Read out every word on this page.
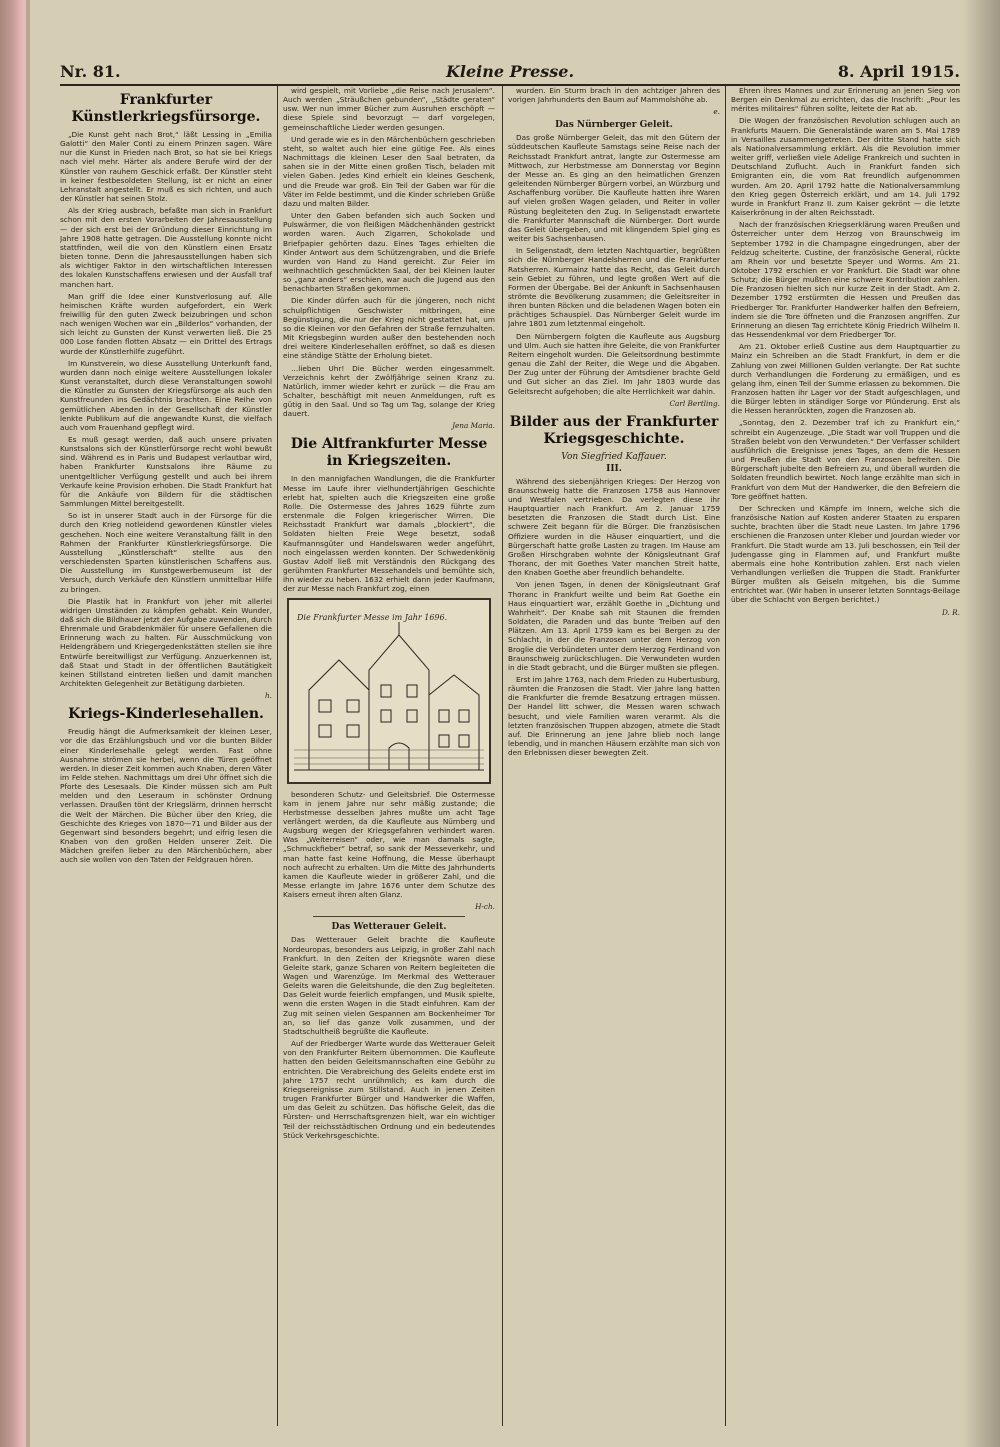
Nr. 81.	Kleine Presse.	8. April 1915.
Frankfurter Künstlerkriegsfürsorge.

„Die Kunst geht nach Brot,“ läßt Lessing in „Emilia Galotti“ den Maler Conti zu einem Prinzen sagen. Wäre nur die Kunst in Frieden nach Brot, so hat sie bei Kriegs nach viel mehr. Härter als andere Berufe wird der der Künstler von rauhem Geschick erfaßt. Der Künstler steht in keiner festbesoldeten Stellung, ist er nicht an einer Lehranstalt angestellt. Er muß es sich richten, und auch der Künstler hat seinen Stolz.

Als der Krieg ausbrach, befaßte man sich in Frankfurt schon mit den ersten Vorarbeiten der Jahresausstellung — der sich erst bei der Gründung dieser Einrichtung im Jahre 1908 hatte getragen. Die Ausstellung konnte nicht stattfinden, weil die von den Künstlern einen Ersatz bieten tonne. Denn die Jahresausstellungen haben sich als wichtiger Faktor in den wirtschaftlichen Interessen des lokalen Kunstschaffens erwiesen und der Ausfall traf manchen hart.

Man griff die Idee einer Kunstverlosung auf. Alle heimischen Kräfte wurden aufgefordert, ein Werk freiwillig für den guten Zweck beizubringen und schon nach wenigen Wochen war ein „Bilderlos“ vorhanden, der sich leicht zu Gunsten der Kunst verwerten ließ. Die 25 000 Lose fanden flotten Absatz — ein Drittel des Ertrags wurde der Künstlerhilfe zugeführt.

Im Kunstverein, wo diese Ausstellung Unterkunft fand, wurden dann noch einige weitere Ausstellungen lokaler Kunst veranstaltet, durch diese Veranstaltungen sowohl die Künstler zu Gunsten der Kriegsfürsorge als auch den Kunstfreunden ins Gedächtnis brachten. Eine Reihe von gemütlichen Abenden in der Gesellschaft der Künstler lenkte Publikum auf die angewandte Kunst, die vielfach auch vom Frauenhand gepflegt wird.

Es muß gesagt werden, daß auch unsere privaten Kunstsalons sich der Künstlerfürsorge recht wohl bewußt sind. Während es in Paris und Budapest verlautbar wird, haben Frankfurter Kunstsalons ihre Räume zu unentgeltlicher Verfügung gestellt und auch bei ihrem Verkaufe keine Provision erhoben. Die Stadt Frankfurt hat für die Ankäufe von Bildern für die städtischen Sammlungen Mittel bereitgestellt.

So ist in unserer Stadt auch in der Fürsorge für die durch den Krieg notleidend gewordenen Künstler vieles geschehen. Noch eine weitere Veranstaltung fällt in den Rahmen der Frankfurter Künstlerkriegsfürsorge. Die Ausstellung „Künstlerschaft“ stellte aus den verschiedensten Sparten künstlerischen Schaffens aus. Die Ausstellung im Kunstgewerbemuseum ist der Versuch, durch Verkäufe den Künstlern unmittelbar Hilfe zu bringen.

Die Plastik hat in Frankfurt von jeher mit allerlei widrigen Umständen zu kämpfen gehabt. Kein Wunder, daß sich die Bildhauer jetzt der Aufgabe zuwenden, durch Ehrenmale und Grabdenkmäler für unsere Gefallenen die Erinnerung wach zu halten. Für Ausschmückung von Heldengräbern und Kriegergedenkstätten stellen sie ihre Entwürfe bereitwilligst zur Verfügung. Anzuerkennen ist, daß Staat und Stadt in der öffentlichen Bautätigkeit keinen Stillstand eintreten ließen und damit manchen Architekten Gelegenheit zur Betätigung darbieten.

h.
Kriegs-Kinderlesehallen.

Freudig hängt die Aufmerksamkeit der kleinen Leser, vor die das Erzählungsbuch und vor die bunten Bilder einer Kinderlesehalle gelegt werden. Fast ohne Ausnahme strömen sie herbei, wenn die Türen geöffnet werden. In dieser Zeit kommen auch Knaben, deren Väter im Felde stehen. Nachmittags um drei Uhr öffnet sich die Pforte des Lesesaals. Die Kinder müssen sich am Pult melden und den Leseraum in schönster Ordnung verlassen. Draußen tönt der Kriegslärm, drinnen herrscht die Welt der Märchen. Die Bücher über den Krieg, die Geschichte des Krieges von 1870—71 und Bilder aus der Gegenwart sind besonders begehrt; und eifrig lesen die Knaben von den großen Helden unserer Zeit. Die Mädchen greifen lieber zu den Märchenbüchern, aber auch sie wollen von den Taten der Feldgrauen hören.

wird gespielt, mit Vorliebe „die Reise nach Jerusalem“. Auch werden „Sträußchen gebunden“, „Städte geraten“ usw. Wer nun immer Bücher zum Ausruhen erschöpft — diese Spiele sind bevorzugt — darf vorgelegen, gemeinschaftliche Lieder werden gesungen.

Und gerade wie es in den Märchenbüchern geschrieben steht, so waltet auch hier eine gütige Fee. Als eines Nachmittags die kleinen Leser den Saal betraten, da sahen sie in der Mitte einen großen Tisch, beladen mit vielen Gaben. Jedes Kind erhielt ein kleines Geschenk, und die Freude war groß. Ein Teil der Gaben war für die Väter im Felde bestimmt, und die Kinder schrieben Grüße dazu und malten Bilder.

Unter den Gaben befanden sich auch Socken und Pulswärmer, die von fleißigen Mädchenhänden gestrickt worden waren. Auch Zigarren, Schokolade und Briefpapier gehörten dazu. Eines Tages erhielten die Kinder Antwort aus dem Schützengraben, und die Briefe wurden von Hand zu Hand gereicht. Zur Feier im weihnachtlich geschmückten Saal, der bei Kleinen lauter so „ganz anders“ erschien, war auch die Jugend aus den benachbarten Straßen gekommen.

Die Kinder dürfen auch für die jüngeren, noch nicht schulpflichtigen Geschwister mitbringen, eine Begünstigung, die nur der Krieg nicht gestattet hat, um so die Kleinen vor den Gefahren der Straße fernzuhalten. Mit Kriegsbeginn wurden außer den bestehenden noch drei weitere Kinderlesehallen eröffnet, so daß es diesen eine ständige Stätte der Erholung bietet.

…lieben Uhr! Die Bücher werden eingesammelt. Verzeichnis kehrt der Zwölfjährige seinen Kranz zu. Natürlich, immer wieder kehrt er zurück — die Frau am Schalter, beschäftigt mit neuen Anmeldungen, ruft es gütig in den Saal. Und so Tag um Tag, solange der Krieg dauert.

Jena Maria.
Die Altfrankfurter Messe in Kriegszeiten.

In den mannigfachen Wandlungen, die die Frankfurter Messe im Laufe ihrer vielhundertjährigen Geschichte erlebt hat, spielten auch die Kriegszeiten eine große Rolle. Die Ostermesse des Jahres 1629 führte zum erstenmale die Folgen kriegerischer Wirren. Die Reichsstadt Frankfurt war damals „blockiert“, die Soldaten hielten Freie Wege besetzt, sodaß Kaufmannsgüter und Handelswaren weder angeführt, noch eingelassen werden konnten. Der Schwedenkönig Gustav Adolf ließ mit Verständnis den Rückgang des gerühmten Frankfurter Messehandels und bemühte sich, ihn wieder zu heben. 1632 erhielt dann jeder Kaufmann, der zur Messe nach Frankfurt zog, einen

Die Frankfurter Messe im Jahr 1696.

besonderen Schutz- und Geleitsbrief. Die Ostermesse kam in jenem Jahre nur sehr mäßig zustande; die Herbstmesse desselben Jahres mußte um acht Tage verlängert werden, da die Kaufleute aus Nürnberg und Augsburg wegen der Kriegsgefahren verhindert waren. Was „Weiterreisen“ oder, wie man damals sagte, „Schmuckfieber“ betraf, so sank der Messeverkehr, und man hatte fast keine Hoffnung, die Messe überhaupt noch aufrecht zu erhalten. Um die Mitte des Jahrhunderts kamen die Kaufleute wieder in größerer Zahl, und die Messe erlangte im Jahre 1676 unter dem Schutze des Kaisers erneut ihren alten Glanz.

H-ch.
Das Wetterauer Geleit.

Das Wetterauer Geleit brachte die Kaufleute Nordeuropas, besonders aus Leipzig, in großer Zahl nach Frankfurt. In den Zeiten der Kriegsnöte waren diese Geleite stark, ganze Scharen von Reitern begleiteten die Wagen und Warenzüge. Im Merkmal des Wetterauer Geleits waren die Geleitshunde, die den Zug begleiteten. Das Geleit wurde feierlich empfangen, und Musik spielte, wenn die ersten Wagen in die Stadt einfuhren. Kam der Zug mit seinen vielen Gespannen am Bockenheimer Tor an, so lief das ganze Volk zusammen, und der Stadtschultheiß begrüßte die Kaufleute.

Auf der Friedberger Warte wurde das Wetterauer Geleit von den Frankfurter Reitern übernommen. Die Kaufleute hatten den beiden Geleitsmannschaften eine Gebühr zu entrichten. Die Verabreichung des Geleits endete erst im Jahre 1757 recht unrühmlich; es kam durch die Kriegsereignisse zum Stillstand. Auch in jenen Zeiten trugen Frankfurter Bürger und Handwerker die Waffen, um das Geleit zu schützen. Das höfische Geleit, das die Fürsten- und Herrschaftsgrenzen hielt, war ein wichtiger Teil der reichsstädtischen Ordnung und ein bedeutendes Stück Verkehrsgeschichte.

wurden. Ein Sturm brach in den achtziger Jahren des vorigen Jahrhunderts den Baum auf Mammolshöhe ab.

e.
Das Nürnberger Geleit.

Das große Nürnberger Geleit, das mit den Gütern der süddeutschen Kaufleute Samstags seine Reise nach der Reichsstadt Frankfurt antrat, langte zur Ostermesse am Mittwoch, zur Herbstmesse am Donnerstag vor Beginn der Messe an. Es ging an den heimatlichen Grenzen geleitenden Nürnberger Bürgern vorbei, an Würzburg und Aschaffenburg vorüber. Die Kaufleute hatten ihre Waren auf vielen großen Wagen geladen, und Reiter in voller Rüstung begleiteten den Zug. In Seligenstadt erwartete die Frankfurter Mannschaft die Nürnberger. Dort wurde das Geleit übergeben, und mit klingendem Spiel ging es weiter bis Sachsenhausen.

In Seligenstadt, dem letzten Nachtquartier, begrüßten sich die Nürnberger Handelsherren und die Frankfurter Ratsherren. Kurmainz hatte das Recht, das Geleit durch sein Gebiet zu führen, und legte großen Wert auf die Formen der Übergabe. Bei der Ankunft in Sachsenhausen strömte die Bevölkerung zusammen; die Geleitsreiter in ihren bunten Röcken und die beladenen Wagen boten ein prächtiges Schauspiel. Das Nürnberger Geleit wurde im Jahre 1801 zum letztenmal eingeholt.

Den Nürnbergern folgten die Kaufleute aus Augsburg und Ulm. Auch sie hatten ihre Geleite, die von Frankfurter Reitern eingeholt wurden. Die Geleitsordnung bestimmte genau die Zahl der Reiter, die Wege und die Abgaben. Der Zug unter der Führung der Amtsdiener brachte Geld und Gut sicher an das Ziel. Im Jahr 1803 wurde das Geleitsrecht aufgehoben; die alte Herrlichkeit war dahin.

Carl Bertling.
Bilder aus der Frankfurter Kriegsgeschichte.
Von Siegfried Kaffauer.
III.

Während des siebenjährigen Krieges: Der Herzog von Braunschweig hatte die Franzosen 1758 aus Hannover und Westfalen vertrieben. Da verlegten diese ihr Hauptquartier nach Frankfurt. Am 2. Januar 1759 besetzten die Franzosen die Stadt durch List. Eine schwere Zeit begann für die Bürger. Die französischen Offiziere wurden in die Häuser einquartiert, und die Bürgerschaft hatte große Lasten zu tragen. Im Hause am Großen Hirschgraben wohnte der Königsleutnant Graf Thoranc, der mit Goethes Vater manchen Streit hatte, den Knaben Goethe aber freundlich behandelte.

Von jenen Tagen, in denen der Königsleutnant Graf Thoranc in Frankfurt weilte und beim Rat Goethe ein Haus einquartiert war, erzählt Goethe in „Dichtung und Wahrheit“. Der Knabe sah mit Staunen die fremden Soldaten, die Paraden und das bunte Treiben auf den Plätzen. Am 13. April 1759 kam es bei Bergen zu der Schlacht, in der die Franzosen unter dem Herzog von Broglie die Verbündeten unter dem Herzog Ferdinand von Braunschweig zurückschlugen. Die Verwundeten wurden in die Stadt gebracht, und die Bürger mußten sie pflegen.

Erst im Jahre 1763, nach dem Frieden zu Hubertusburg, räumten die Franzosen die Stadt. Vier Jahre lang hatten die Frankfurter die fremde Besatzung ertragen müssen. Der Handel litt schwer, die Messen waren schwach besucht, und viele Familien waren verarmt. Als die letzten französischen Truppen abzogen, atmete die Stadt auf. Die Erinnerung an jene Jahre blieb noch lange lebendig, und in manchen Häusern erzählte man sich von den Erlebnissen dieser bewegten Zeit.

Ehren ihres Mannes und zur Erinnerung an jenen Sieg von Bergen ein Denkmal zu errichten, das die Inschrift: „Pour les mérites militaires“ führen sollte, leitete der Rat ab.

Die Wogen der französischen Revolution schlugen auch an Frankfurts Mauern. Die Generalstände waren am 5. Mai 1789 in Versailles zusammengetreten. Der dritte Stand hatte sich als Nationalversammlung erklärt. Als die Revolution immer weiter griff, verließen viele Adelige Frankreich und suchten in Deutschland Zuflucht. Auch in Frankfurt fanden sich Emigranten ein, die vom Rat freundlich aufgenommen wurden. Am 20. April 1792 hatte die Nationalversammlung den Krieg gegen Österreich erklärt, und am 14. Juli 1792 wurde in Frankfurt Franz II. zum Kaiser gekrönt — die letzte Kaiserkrönung in der alten Reichsstadt.

Nach der französischen Kriegserklärung waren Preußen und Österreicher unter dem Herzog von Braunschweig im September 1792 in die Champagne eingedrungen, aber der Feldzug scheiterte. Custine, der französische General, rückte am Rhein vor und besetzte Speyer und Worms. Am 21. Oktober 1792 erschien er vor Frankfurt. Die Stadt war ohne Schutz; die Bürger mußten eine schwere Kontribution zahlen. Die Franzosen hielten sich nur kurze Zeit in der Stadt. Am 2. Dezember 1792 erstürmten die Hessen und Preußen das Friedberger Tor. Frankfurter Handwerker halfen den Befreiern, indem sie die Tore öffneten und die Franzosen angriffen. Zur Erinnerung an diesen Tag errichtete König Friedrich Wilhelm II. das Hessendenkmal vor dem Friedberger Tor.

Am 21. Oktober erließ Custine aus dem Hauptquartier zu Mainz ein Schreiben an die Stadt Frankfurt, in dem er die Zahlung von zwei Millionen Gulden verlangte. Der Rat suchte durch Verhandlungen die Forderung zu ermäßigen, und es gelang ihm, einen Teil der Summe erlassen zu bekommen. Die Franzosen hatten ihr Lager vor der Stadt aufgeschlagen, und die Bürger lebten in ständiger Sorge vor Plünderung. Erst als die Hessen heranrückten, zogen die Franzosen ab.

„Sonntag, den 2. Dezember traf ich zu Frankfurt ein,“ schreibt ein Augenzeuge. „Die Stadt war voll Truppen und die Straßen belebt von den Verwundeten.“ Der Verfasser schildert ausführlich die Ereignisse jenes Tages, an dem die Hessen und Preußen die Stadt von den Franzosen befreiten. Die Bürgerschaft jubelte den Befreiern zu, und überall wurden die Soldaten freundlich bewirtet. Noch lange erzählte man sich in Frankfurt von dem Mut der Handwerker, die den Befreiern die Tore geöffnet hatten.

Der Schrecken und Kämpfe im Innern, welche sich die französische Nation auf Kosten anderer Staaten zu ersparen suchte, brachten über die Stadt neue Lasten. Im Jahre 1796 erschienen die Franzosen unter Kleber und Jourdan wieder vor Frankfurt. Die Stadt wurde am 13. Juli beschossen, ein Teil der Judengasse ging in Flammen auf, und Frankfurt mußte abermals eine hohe Kontribution zahlen. Erst nach vielen Verhandlungen verließen die Truppen die Stadt. Frankfurter Bürger mußten als Geiseln mitgehen, bis die Summe entrichtet war. (Wir haben in unserer letzten Sonntags-Beilage über die Schlacht von Bergen berichtet.)

D. R.
